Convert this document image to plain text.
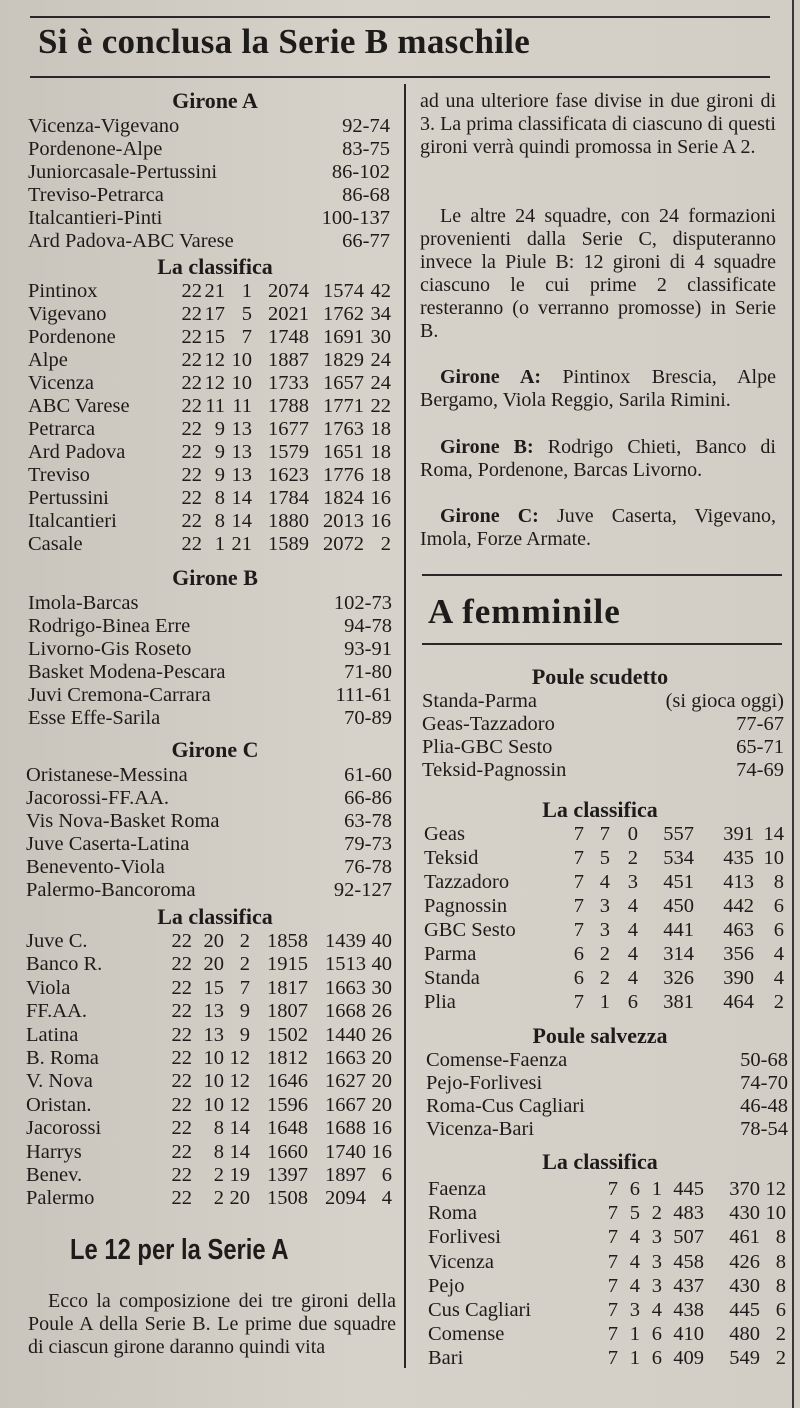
Si è conclusa la Serie B maschile
Girone A
Vicenza-Vigevano	92-74
Pordenone-Alpe	83-75
Juniorcasale-Pertussini	86-102
Treviso-Petrarca	86-68
Italcantieri-Pinti	100-137
Ard Padova-ABC Varese	66-77
La classifica
Pintinox	22 21 1 2074 1574 42
Vigevano	22 17 5 2021 1762 34
Pordenone	22 15 7 1748 1691 30
Alpe	22 12 10 1887 1829 24
Vicenza	22 12 10 1733 1657 24
ABC Varese	22 11 11 1788 1771 22
Petrarca	22 9 13 1677 1763 18
Ard Padova	22 9 13 1579 1651 18
Treviso	22 9 13 1623 1776 18
Pertussini	22 8 14 1784 1824 16
Italcantieri	22 8 14 1880 2013 16
Casale	22 1 21 1589 2072 2
Girone B
Imola-Barcas	102-73
Rodrigo-Binea Erre	94-78
Livorno-Gis Roseto	93-91
Basket Modena-Pescara	71-80
Juvi Cremona-Carrara	111-61
Esse Effe-Sarila	70-89
Girone C
Oristanese-Messina	61-60
Jacorossi-FF.AA.	66-86
Vis Nova-Basket Roma	63-78
Juve Caserta-Latina	79-73
Benevento-Viola	76-78
Palermo-Bancoroma	92-127
La classifica
Juve C.	22 20 2 1858 1439 40
Banco R.	22 20 2 1915 1513 40
Viola	22 15 7 1817 1663 30
FF.AA.	22 13 9 1807 1668 26
Latina	22 13 9 1502 1440 26
B. Roma	22 10 12 1812 1663 20
V. Nova	22 10 12 1646 1627 20
Oristan.	22 10 12 1596 1667 20
Jacorossi	22 8 14 1648 1688 16
Harrys	22 8 14 1660 1740 16
Benev.	22 2 19 1397 1897 6
Palermo	22 2 20 1508 2094 4
Le 12 per la Serie A
Ecco la composizione dei tre gironi della Poule A della Serie B. Le prime due squadre di ciascun girone daranno quindi vita
ad una ulteriore fase divise in due gironi di 3. La prima classificata di ciascuno di questi gironi verrà quindi promossa in Serie A 2.
Le altre 24 squadre, con 24 formazioni provenienti dalla Serie C, disputeranno invece la Piule B: 12 gironi di 4 squadre ciascuno le cui prime 2 classificate resteranno (o verranno promosse) in Serie B.
Girone A: Pintinox Brescia, Alpe Bergamo, Viola Reggio, Sarila Rimini.
Girone B: Rodrigo Chieti, Banco di Roma, Pordenone, Barcas Livorno.
Girone C: Juve Caserta, Vigevano, Imola, Forze Armate.
A femminile
Poule scudetto
Standa-Parma	(si gioca oggi)
Geas-Tazzadoro	77-67
Plia-GBC Sesto	65-71
Teksid-Pagnossin	74-69
La classifica
Geas	7 7 0 557 391 14
Teksid	7 5 2 534 435 10
Tazzadoro	7 4 3 451 413 8
Pagnossin	7 3 4 450 442 6
GBC Sesto	7 3 4 441 463 6
Parma	6 2 4 314 356 4
Standa	6 2 4 326 390 4
Plia	7 1 6 381 464 2
Poule salvezza
Comense-Faenza	50-68
Pejo-Forlivesi	74-70
Roma-Cus Cagliari	46-48
Vicenza-Bari	78-54
La classifica
Faenza	7 6 1 445 370 12
Roma	7 5 2 483 430 10
Forlivesi	7 4 3 507 461 8
Vicenza	7 4 3 458 426 8
Pejo	7 4 3 437 430 8
Cus Cagliari	7 3 4 438 445 6
Comense	7 1 6 410 480 2
Bari	7 1 6 409 549 2
